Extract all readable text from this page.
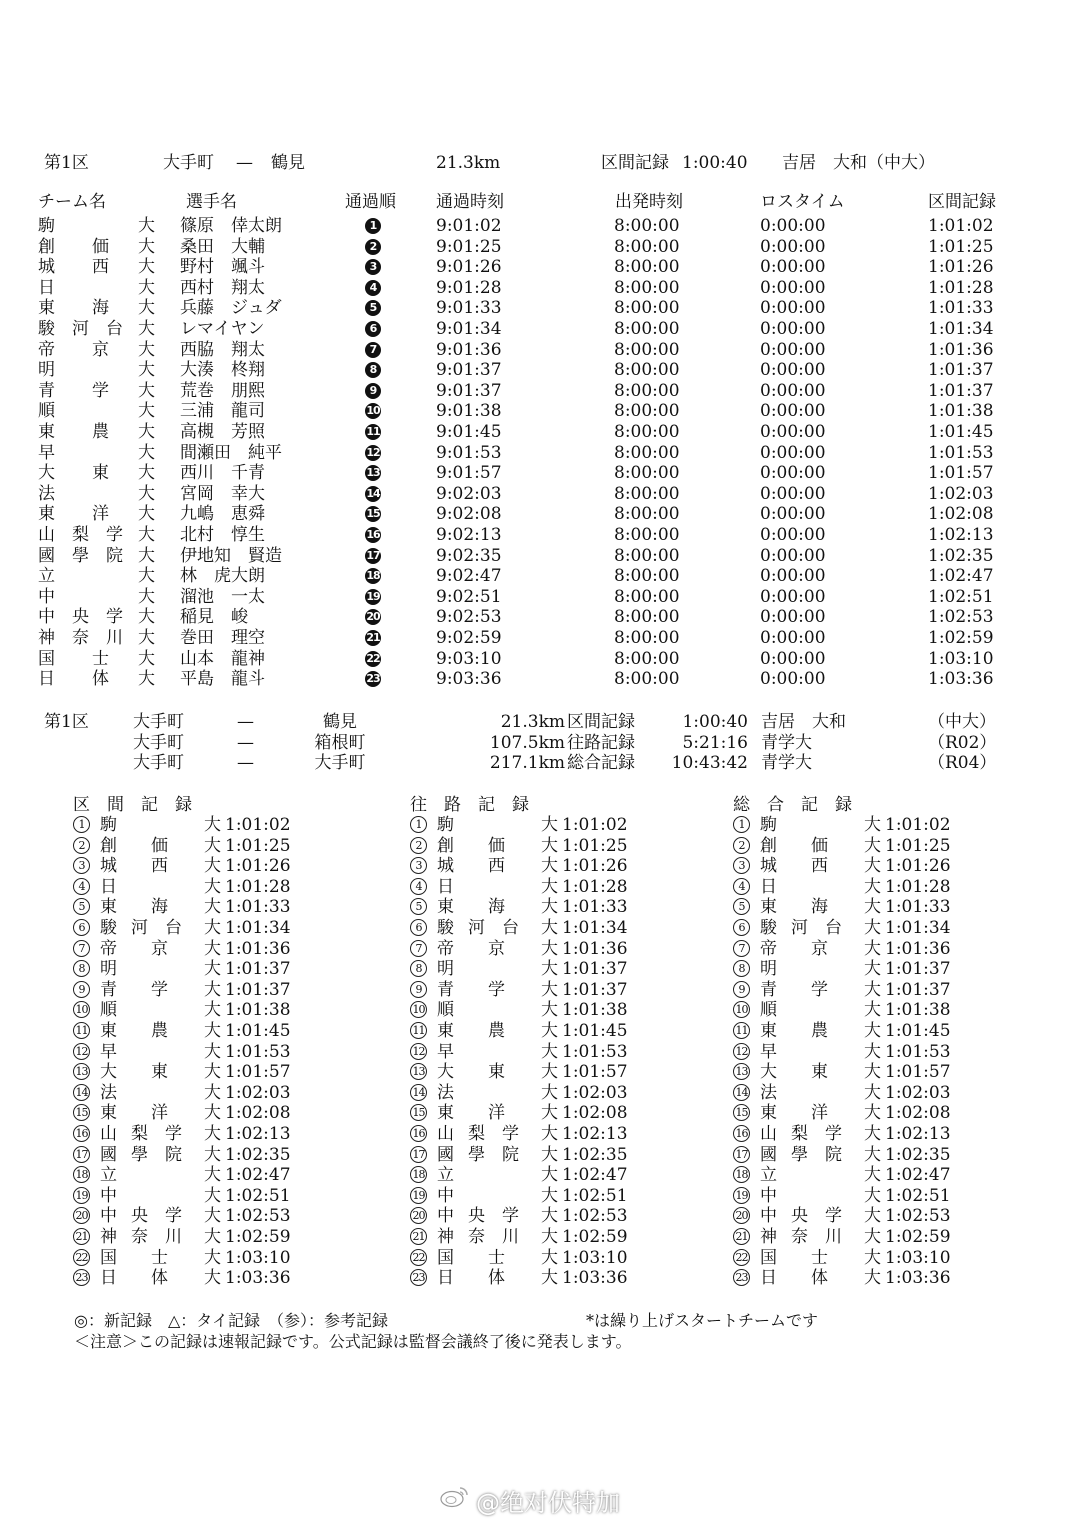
第1区	大手町 — 鶴見	21.3km	区間記録 1:00:40 吉居　大和（中大）
チーム名	選手名	通過順 通過時刻	出発時刻	ロスタイム	区間記録
駒	大 篠原　倖太朗	1	9:01:02	8:00:00	0:00:00	1:01:02
創 価 大 桑田　大輔	2	9:01:25	8:00:00	0:00:00	1:01:25
城 西 大 野村　颯斗	3	9:01:26	8:00:00	0:00:00	1:01:26
日	大 西村　翔太	4	9:01:28	8:00:00	0:00:00	1:01:28
東 海 大 兵藤　ジュダ	5	9:01:33	8:00:00	0:00:00	1:01:33
駿 河　台 大 レマイヤン	6	9:01:34	8:00:00	0:00:00	1:01:34
帝 京 大 西脇　翔太	7	9:01:36	8:00:00	0:00:00	1:01:36
明	大 大湊　柊翔	8	9:01:37	8:00:00	0:00:00	1:01:37
青 学 大 荒巻　朋熙	9	9:01:37	8:00:00	0:00:00	1:01:37
順	大 三浦　龍司	10	9:01:38	8:00:00	0:00:00	1:01:38
東 農 大 高槻　芳照	11	9:01:45	8:00:00	0:00:00	1:01:45
早	大 間瀬田　純平	12	9:01:53	8:00:00	0:00:00	1:01:53
大 東 大 西川　千青	13	9:01:57	8:00:00	0:00:00	1:01:57
法	大 宮岡　幸大	14	9:02:03	8:00:00	0:00:00	1:02:03
東 洋 大 九嶋　恵舜	15	9:02:08	8:00:00	0:00:00	1:02:08
山 梨　学 大 北村　惇生	16	9:02:13	8:00:00	0:00:00	1:02:13
國 學　院 大 伊地知　賢造	17	9:02:35	8:00:00	0:00:00	1:02:35
立	大 林　虎大朗	18	9:02:47	8:00:00	0:00:00	1:02:47
中	大 溜池　一太	19	9:02:51	8:00:00	0:00:00	1:02:51
中 央　学 大 稲見　峻	20	9:02:53	8:00:00	0:00:00	1:02:53
神 奈　川 大 巻田　理空	21	9:02:59	8:00:00	0:00:00	1:02:59
国 士 大 山本　龍神	22	9:03:10	8:00:00	0:00:00	1:03:10
日 体 大 平島　龍斗	23	9:03:36	8:00:00	0:00:00	1:03:36
第1区	大手町	—	鶴見	21.3km 区間記録	1:00:40 吉居　大和	（中大）
大手町	—	箱根町	107.5km 往路記録	5:21:16 青学大	（R02）
大手町	—	大手町	217.1km 総合記録	10:43:42 青学大	（R04）
区　間　記　録
1 駒	大 1:01:02
2 創 価 大 1:01:25
3 城 西 大 1:01:26
4 日	大 1:01:28
5 東 海 大 1:01:33
6 駿 河　台 大 1:01:34
7 帝 京 大 1:01:36
8 明	大 1:01:37
9 青 学 大 1:01:37
10 順	大 1:01:38
11 東 農 大 1:01:45
12 早	大 1:01:53
13 大 東 大 1:01:57
14 法	大 1:02:03
15 東 洋 大 1:02:08
16 山 梨　学 大 1:02:13
17 國 學　院 大 1:02:35
18 立	大 1:02:47
19 中	大 1:02:51
20 中 央　学 大 1:02:53
21 神 奈　川 大 1:02:59
22 国 士 大 1:03:10
23 日 体 大 1:03:36
往　路　記　録
1 駒	大 1:01:02
2 創 価 大 1:01:25
3 城 西 大 1:01:26
4 日	大 1:01:28
5 東 海 大 1:01:33
6 駿 河　台 大 1:01:34
7 帝 京 大 1:01:36
8 明	大 1:01:37
9 青 学 大 1:01:37
10 順	大 1:01:38
11 東 農 大 1:01:45
12 早	大 1:01:53
13 大 東 大 1:01:57
14 法	大 1:02:03
15 東 洋 大 1:02:08
16 山 梨　学 大 1:02:13
17 國 學　院 大 1:02:35
18 立	大 1:02:47
19 中	大 1:02:51
20 中 央　学 大 1:02:53
21 神 奈　川 大 1:02:59
22 国 士 大 1:03:10
23 日 体 大 1:03:36
総　合　記　録
1 駒	大 1:01:02
2 創 価 大 1:01:25
3 城 西 大 1:01:26
4 日	大 1:01:28
5 東 海 大 1:01:33
6 駿 河　台 大 1:01:34
7 帝 京 大 1:01:36
8 明	大 1:01:37
9 青 学 大 1:01:37
10 順	大 1:01:38
11 東 農 大 1:01:45
12 早	大 1:01:53
13 大 東 大 1:01:57
14 法	大 1:02:03
15 東 洋 大 1:02:08
16 山 梨　学 大 1:02:13
17 國 學　院 大 1:02:35
18 立	大 1:02:47
19 中	大 1:02:51
20 中 央　学 大 1:02:53
21 神 奈　川 大 1:02:59
22 国 士 大 1:03:10
23 日 体 大 1:03:36
◎：新記録　△：タイ記録　（参）：参考記録	*は繰り上げスタートチームです
＜注意＞この記録は速報記録です。公式記録は監督会議終了後に発表します。
@绝对伏特加
